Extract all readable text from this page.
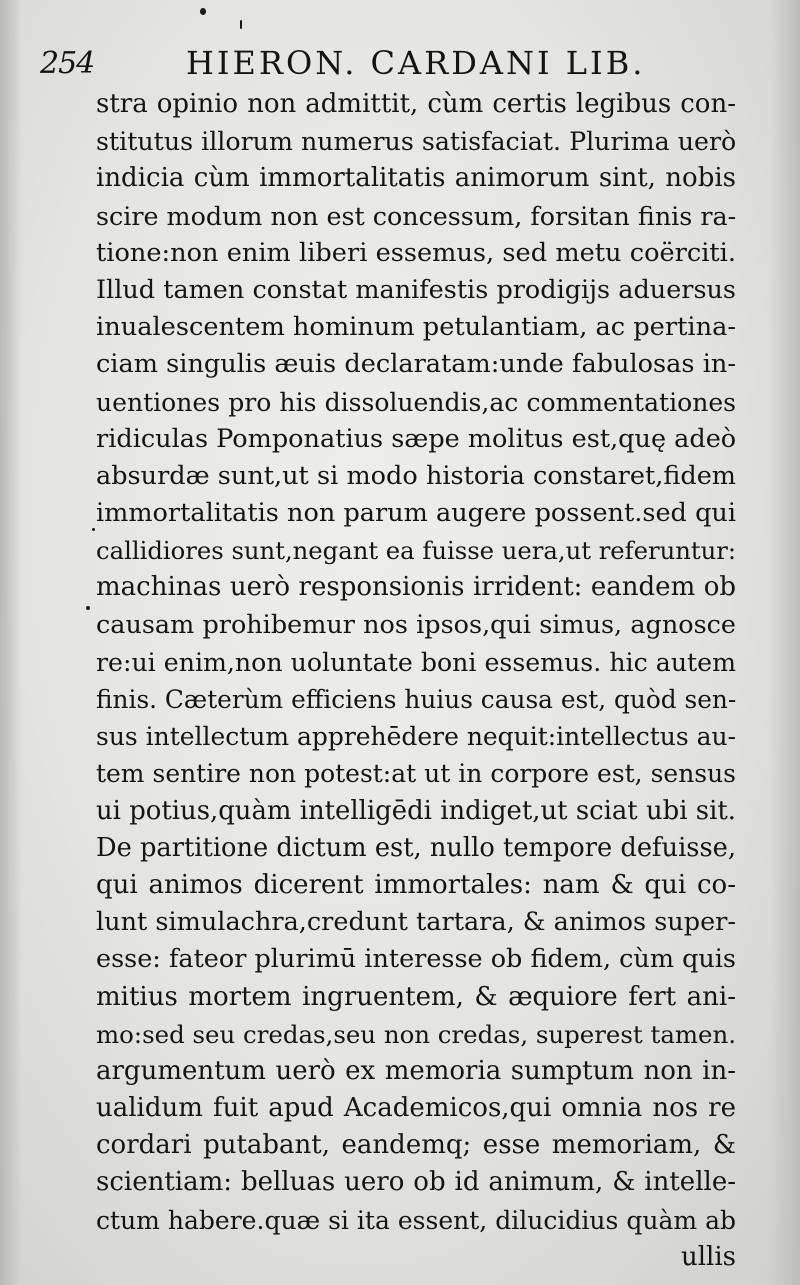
254	HIERON. CARDANI LIB.
stra opinio non admittit, cùm certis legibus con-
stitutus illorum numerus satisfaciat. Plurima uerò
indicia cùm immortalitatis animorum sint, nobis
scire modum non est concessum, forsitan finis ra-
tione:non enim liberi essemus, sed metu coërciti.
Illud tamen constat manifestis prodigijs aduersus
inualescentem hominum petulantiam, ac pertina-
ciam singulis æuis declaratam:unde fabulosas in-
uentiones pro his dissoluendis,ac commentationes
ridiculas Pomponatius sæpe molitus est,quę adeò
absurdæ sunt,ut si modo historia constaret,fidem
immortalitatis non parum augere possent.sed qui
callidiores sunt,negant ea fuisse uera,ut referuntur:
machinas uerò responsionis irrident: eandem ob
causam prohibemur nos ipsos,qui simus, agnosce
re:ui enim,non uoluntate boni essemus. hic autem
finis. Cæterùm efficiens huius causa est, quòd sen-
sus intellectum apprehēdere nequit:intellectus au-
tem sentire non potest:at ut in corpore est, sensus
ui potius,quàm intelligēdi indiget,ut sciat ubi sit.
De partitione dictum est, nullo tempore defuisse,
qui animos dicerent immortales: nam & qui co-
lunt simulachra,credunt tartara, & animos super-
esse: fateor plurimū interesse ob fidem, cùm quis
mitius mortem ingruentem, & æquiore fert ani-
mo:sed seu credas,seu non credas, superest tamen.
argumentum uerò ex memoria sumptum non in-
ualidum fuit apud Academicos,qui omnia nos re
cordari putabant, eandemq; esse memoriam, &
scientiam: belluas uero ob id animum, & intelle-
ctum habere.quæ si ita essent, dilucidius quàm ab
ullis
